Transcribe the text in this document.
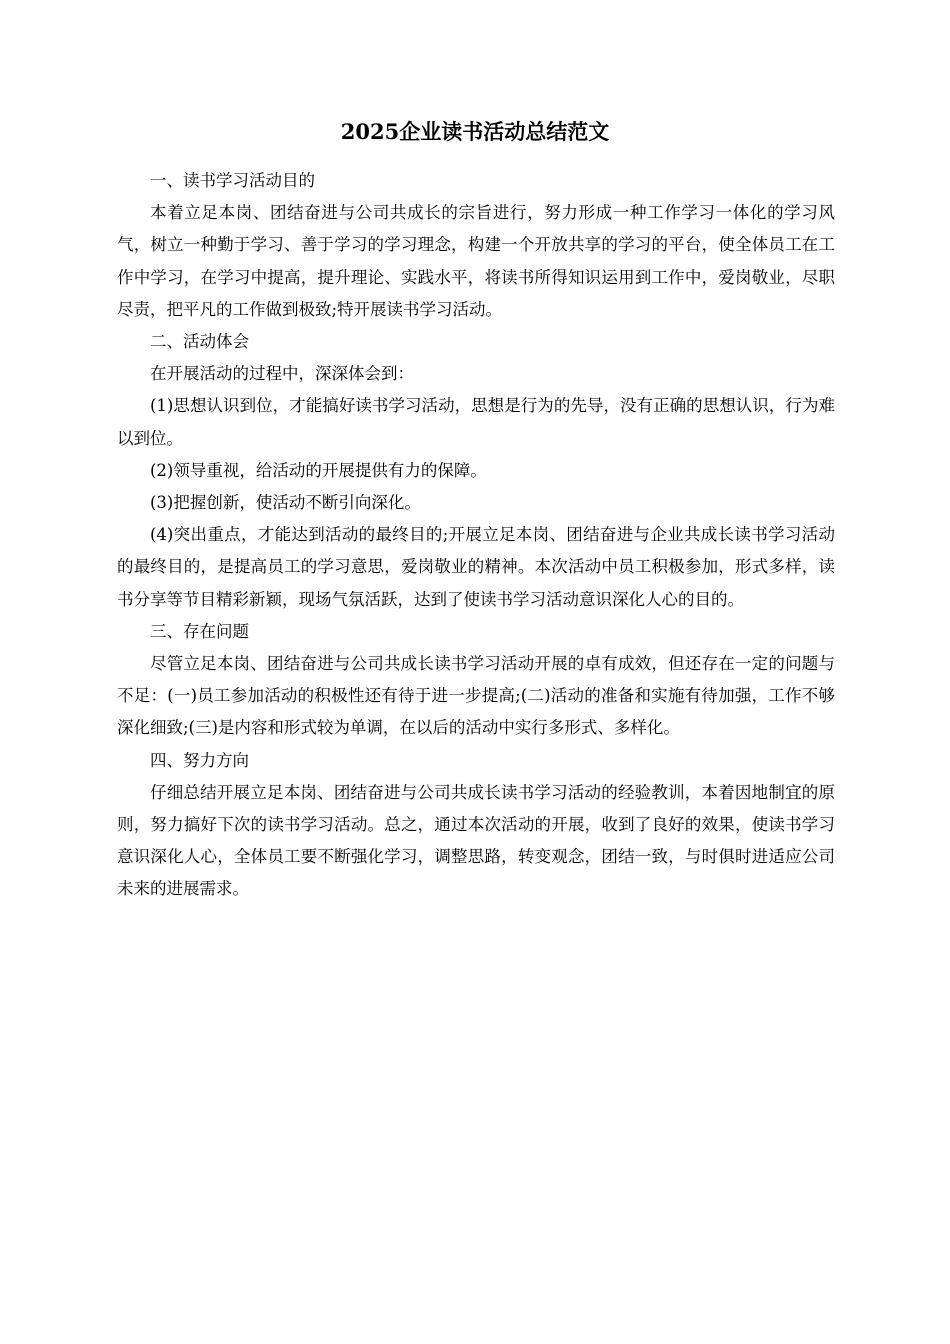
2025企业读书活动总结范文

一、读书学习活动目的

本着立足本岗、团结奋进与公司共成长的宗旨进行，努力形成一种工作学习一体化的学习风气，树立一种勤于学习、善于学习的学习理念，构建一个开放共享的学习的平台，使全体员工在工作中学习，在学习中提高，提升理论、实践水平，将读书所得知识运用到工作中，爱岗敬业，尽职尽责，把平凡的工作做到极致;特开展读书学习活动。

二、活动体会

在开展活动的过程中，深深体会到：

(1)思想认识到位，才能搞好读书学习活动，思想是行为的先导，没有正确的思想认识，行为难以到位。

(2)领导重视，给活动的开展提供有力的保障。

(3)把握创新，使活动不断引向深化。

(4)突出重点，才能达到活动的最终目的;开展立足本岗、团结奋进与企业共成长读书学习活动的最终目的，是提高员工的学习意思，爱岗敬业的精神。本次活动中员工积极参加，形式多样，读书分享等节目精彩新颖，现场气氛活跃，达到了使读书学习活动意识深化人心的目的。

三、存在问题

尽管立足本岗、团结奋进与公司共成长读书学习活动开展的卓有成效，但还存在一定的问题与不足：(一)员工参加活动的积极性还有待于进一步提高;(二)活动的准备和实施有待加强，工作不够深化细致;(三)是内容和形式较为单调，在以后的活动中实行多形式、多样化。

四、努力方向

仔细总结开展立足本岗、团结奋进与公司共成长读书学习活动的经验教训，本着因地制宜的原则，努力搞好下次的读书学习活动。总之，通过本次活动的开展，收到了良好的效果，使读书学习意识深化人心，全体员工要不断强化学习，调整思路，转变观念，团结一致，与时俱时进适应公司未来的进展需求。
